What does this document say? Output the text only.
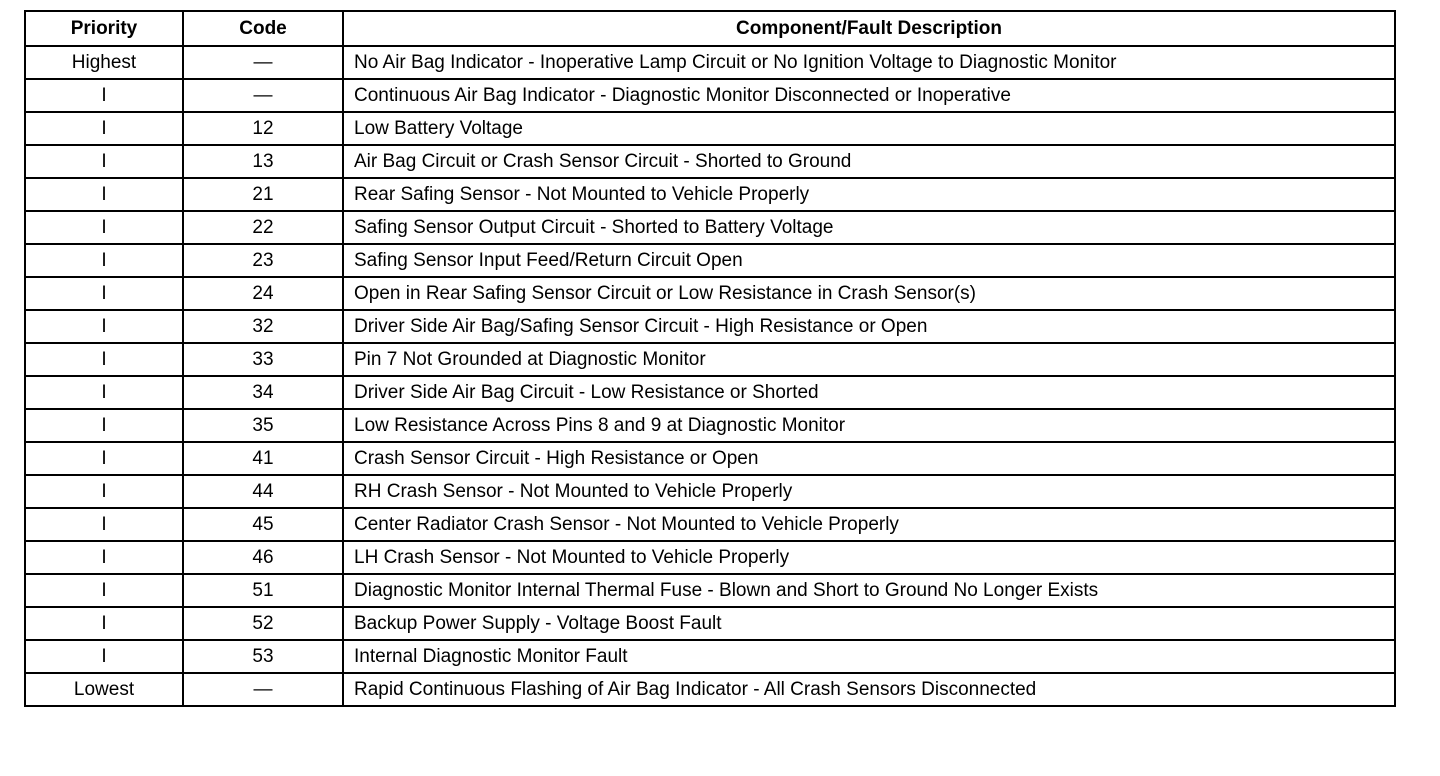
Priority	Code	Component/Fault Description
Highest	—	No Air Bag Indicator - Inoperative Lamp Circuit or No Ignition Voltage to Diagnostic Monitor
I	—	Continuous Air Bag Indicator - Diagnostic Monitor Disconnected or Inoperative
I	12	Low Battery Voltage
I	13	Air Bag Circuit or Crash Sensor Circuit - Shorted to Ground
I	21	Rear Safing Sensor - Not Mounted to Vehicle Properly
I	22	Safing Sensor Output Circuit - Shorted to Battery Voltage
I	23	Safing Sensor Input Feed/Return Circuit Open
I	24	Open in Rear Safing Sensor Circuit or Low Resistance in Crash Sensor(s)
I	32	Driver Side Air Bag/Safing Sensor Circuit - High Resistance or Open
I	33	Pin 7 Not Grounded at Diagnostic Monitor
I	34	Driver Side Air Bag Circuit - Low Resistance or Shorted
I	35	Low Resistance Across Pins 8 and 9 at Diagnostic Monitor
I	41	Crash Sensor Circuit - High Resistance or Open
I	44	RH Crash Sensor - Not Mounted to Vehicle Properly
I	45	Center Radiator Crash Sensor - Not Mounted to Vehicle Properly
I	46	LH Crash Sensor - Not Mounted to Vehicle Properly
I	51	Diagnostic Monitor Internal Thermal Fuse - Blown and Short to Ground No Longer Exists
I	52	Backup Power Supply - Voltage Boost Fault
I	53	Internal Diagnostic Monitor Fault
Lowest	—	Rapid Continuous Flashing of Air Bag Indicator - All Crash Sensors Disconnected
